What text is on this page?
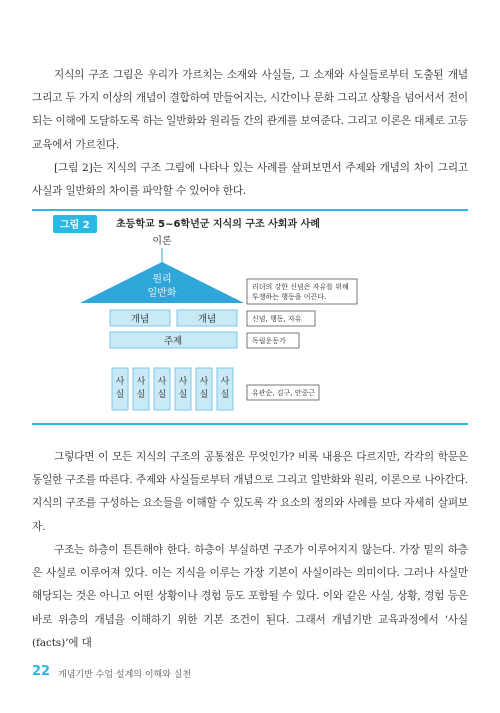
지식의 구조 그림은 우리가 가르치는 소재와 사실들, 그 소재와 사실들로부터 도출된 개념 그리고 두 가지 이상의 개념이 결합하여 만들어지는, 시간이나 문화 그리고 상황을 넘어서서 전이되는 이해에 도달하도록 하는 일반화와 원리들 간의 관계를 보여준다. 그리고 이론은 대체로 고등교육에서 가르친다.

[그림 2]는 지식의 구조 그림에 나타나 있는 사례를 살펴보면서 주제와 개념의 차이 그리고 사실과 일반화의 차이를 파악할 수 있어야 한다.

그림 2	초등학교 5~6학년군 지식의 구조 사회과 사례
이론
원리
일반화
개념	개념
주제
사
실
사
실
사
실
사
실
사
실
사
실
리더의 강한 신념은 자유를 위해
투쟁하는 행동을 이끈다.
신념, 행동, 자유
독립운동가
유관순, 김구, 안중근

그렇다면 이 모든 지식의 구조의 공통점은 무엇인가? 비록 내용은 다르지만, 각각의 학문은 동일한 구조를 따른다. 주제와 사실들로부터 개념으로 그리고 일반화와 원리, 이론으로 나아간다. 지식의 구조를 구성하는 요소들을 이해할 수 있도록 각 요소의 정의와 사례를 보다 자세히 살펴보자.

구조는 하층이 튼튼해야 한다. 하층이 부실하면 구조가 이루어지지 않는다. 가장 밑의 하층은 사실로 이루어져 있다. 이는 지식을 이루는 가장 기본이 사실이라는 의미이다. 그러나 사실만 해당되는 것은 아니고 어떤 상황이나 경험 등도 포함될 수 있다. 이와 같은 사실, 상황, 경험 등은 바로 위층의 개념을 이해하기 위한 기본 조건이 된다. 그래서 개념기반 교육과정에서 ‘사실(facts)’에 대

22 개념기반 수업 설계의 이해와 실천
